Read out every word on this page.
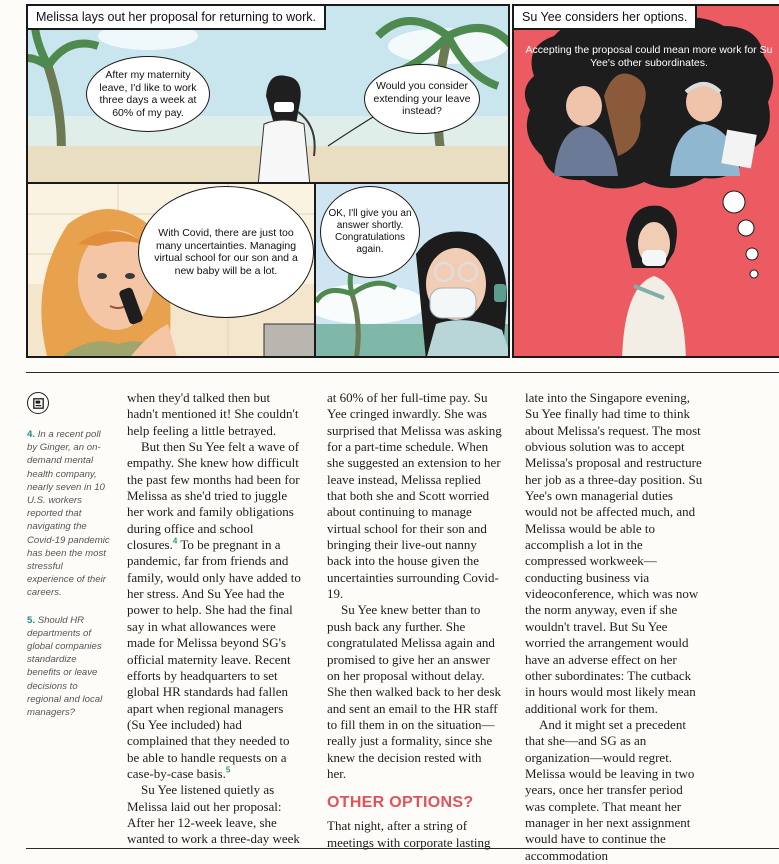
Melissa lays out her proposal for returning to work.
After my maternity leave, I'd like to work three days a week at 60% of my pay.
Would you consider extending your leave instead?
With Covid, there are just too many uncertainties. Managing virtual school for our son and a new baby will be a lot.
OK, I'll give you an answer shortly. Congratulations again.
Su Yee considers her options.
Accepting the proposal could mean more work for Su Yee's other subordinates.

4. In a recent poll by Ginger, an on-demand mental health company, nearly seven in 10 U.S. workers reported that navigating the Covid-19 pandemic has been the most stressful experience of their careers.

5. Should HR departments of global companies standardize benefits or leave decisions to regional and local managers?

when they'd talked then but hadn't mentioned it! She couldn't help feeling a little betrayed.

But then Su Yee felt a wave of empathy. She knew how difficult the past few months had been for Melissa as she'd tried to juggle her work and family obligations during office and school closures.$^4$ To be pregnant in a pandemic, far from friends and family, would only have added to her stress. And Su Yee had the power to help. She had the final say in what allowances were made for Melissa beyond SG's official maternity leave. Recent efforts by headquarters to set global HR standards had fallen apart when regional managers (Su Yee included) had complained that they needed to be able to handle requests on a case-by-case basis.$^5$

Su Yee listened quietly as Melissa laid out her proposal: After her 12-week leave, she wanted to work a three-day week

at 60% of her full-time pay. Su Yee cringed inwardly. She was surprised that Melissa was asking for a part-time schedule. When she suggested an extension to her leave instead, Melissa replied that both she and Scott worried about continuing to manage virtual school for their son and bringing their live-out nanny back into the house given the uncertainties surrounding Covid-19.

Su Yee knew better than to push back any further. She congratulated Melissa again and promised to give her an answer on her proposal without delay. She then walked back to her desk and sent an email to the HR staff to fill them in on the situation—really just a formality, since she knew the decision rested with her.

OTHER OPTIONS?

That night, after a string of meetings with corporate lasting

late into the Singapore evening, Su Yee finally had time to think about Melissa's request. The most obvious solution was to accept Melissa's proposal and restructure her job as a three-day position. Su Yee's own managerial duties would not be affected much, and Melissa would be able to accomplish a lot in the compressed workweek—conducting business via videoconference, which was now the norm anyway, even if she wouldn't travel. But Su Yee worried the arrangement would have an adverse effect on her other subordinates: The cutback in hours would most likely mean additional work for them.

And it might set a precedent that she—and SG as an organization—would regret. Melissa would be leaving in two years, once her transfer period was complete. That meant her manager in her next assignment would have to continue the accommodation
